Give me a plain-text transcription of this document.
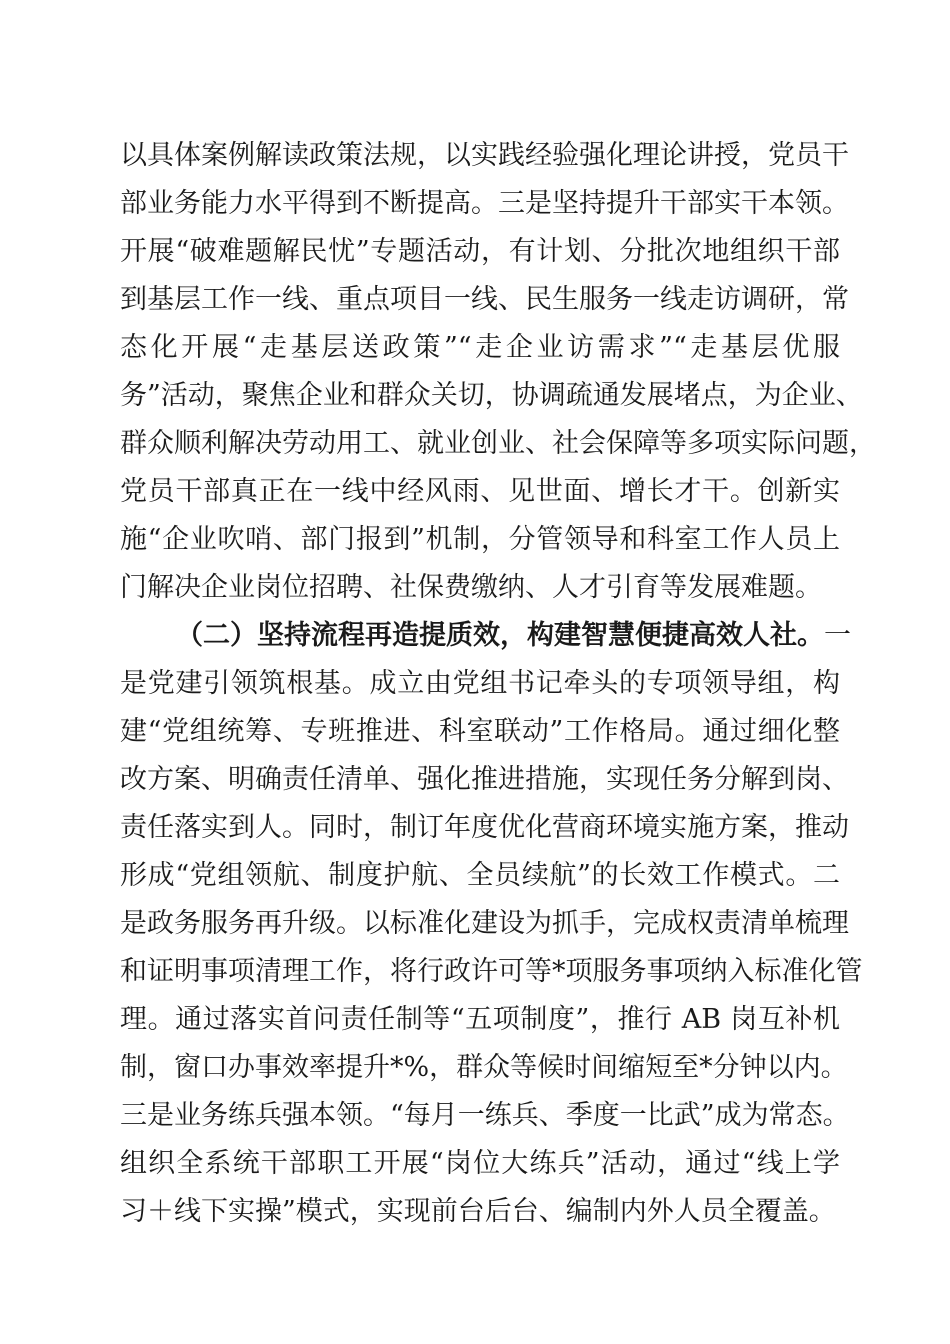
以具体案例解读政策法规，以实践经验强化理论讲授，党员干
部业务能力水平得到不断提高。三是坚持提升干部实干本领。
开展“破难题解民忧”专题活动，有计划、分批次地组织干部
到基层工作一线、重点项目一线、民生服务一线走访调研，常
态化开展“走基层送政策”“走企业访需求”“走基层优服
务”活动，聚焦企业和群众关切，协调疏通发展堵点，为企业、
群众顺利解决劳动用工、就业创业、社会保障等多项实际问题，
党员干部真正在一线中经风雨、见世面、增长才干。创新实
施“企业吹哨、部门报到”机制，分管领导和科室工作人员上
门解决企业岗位招聘、社保费缴纳、人才引育等发展难题。
（二）坚持流程再造提质效，构建智慧便捷高效人社。一
是党建引领筑根基。成立由党组书记牵头的专项领导组，构
建“党组统筹、专班推进、科室联动”工作格局。通过细化整
改方案、明确责任清单、强化推进措施，实现任务分解到岗、
责任落实到人。同时，制订年度优化营商环境实施方案，推动
形成“党组领航、制度护航、全员续航”的长效工作模式。二
是政务服务再升级。以标准化建设为抓手，完成权责清单梳理
和证明事项清理工作，将行政许可等*项服务事项纳入标准化管
理。通过落实首问责任制等“五项制度”，推行 AB 岗互补机
制，窗口办事效率提升*%，群众等候时间缩短至*分钟以内。
三是业务练兵强本领。“每月一练兵、季度一比武”成为常态。
组织全系统干部职工开展“岗位大练兵”活动，通过“线上学
习＋线下实操”模式，实现前台后台、编制内外人员全覆盖。
